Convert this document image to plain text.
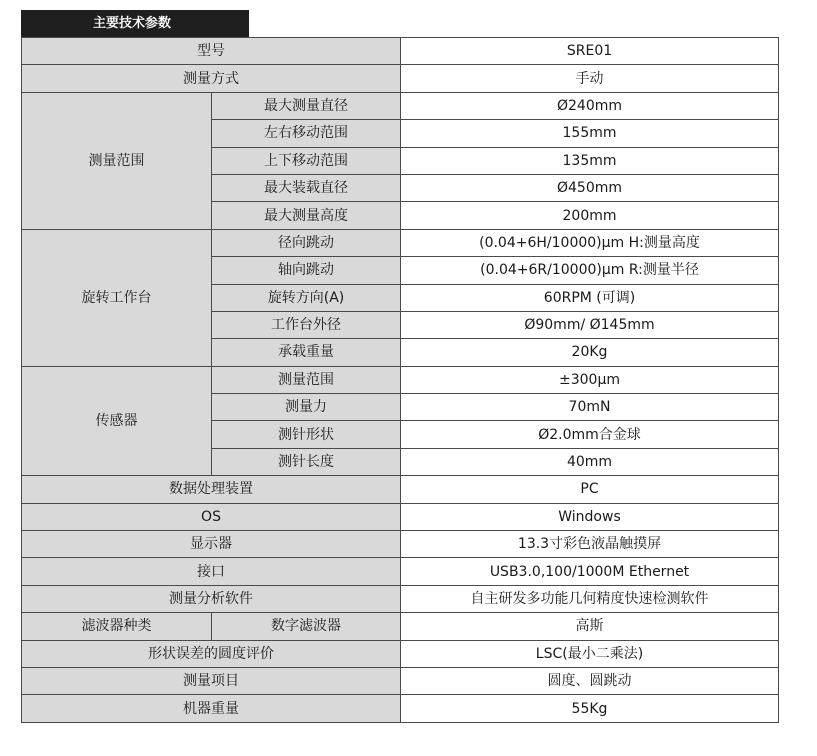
主要技术参数
型号		SRE01
测量方式		手动
测量范围	最大测量直径	Ø240mm
	左右移动范围	155mm
	上下移动范围	135mm
	最大装载直径	Ø450mm
	最大测量高度	200mm
旋转工作台	径向跳动	(0.04+6H/10000)μm H:测量高度
	轴向跳动	(0.04+6R/10000)μm R:测量半径
	旋转方向(A)	60RPM (可调)
	工作台外径	Ø90mm/ Ø145mm
	承载重量	20Kg
传感器	测量范围	±300μm
	测量力	70mN
	测针形状	Ø2.0mm合金球
	测针长度	40mm
数据处理装置		PC
OS		Windows
显示器		13.3寸彩色液晶触摸屏
接口		USB3.0,100/1000M Ethernet
测量分析软件		自主研发多功能几何精度快速检测软件
滤波器种类	数字滤波器	高斯
形状误差的圆度评价		LSC(最小二乘法)
测量项目		圆度、圆跳动
机器重量		55Kg
